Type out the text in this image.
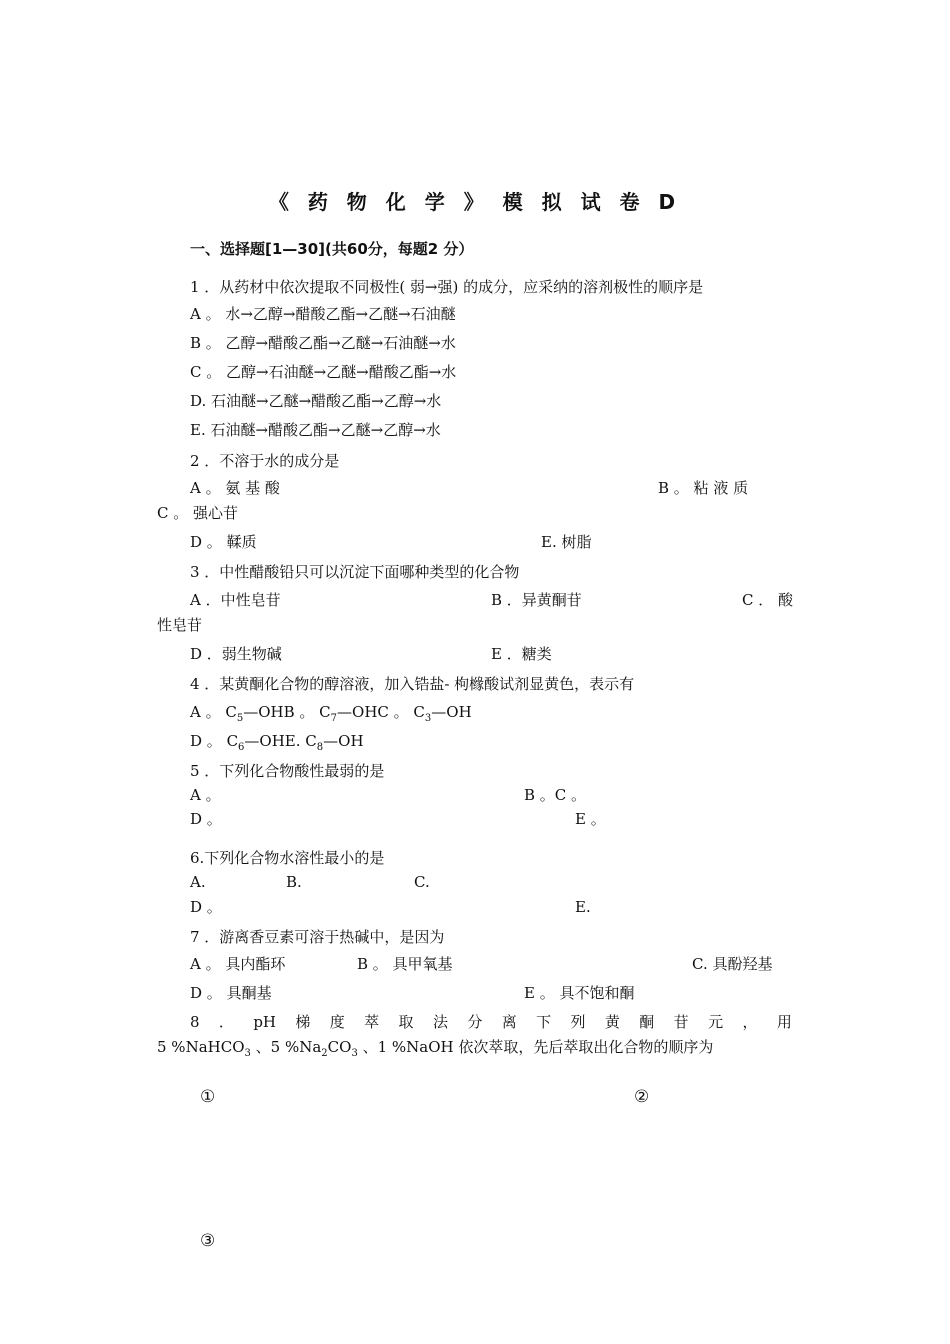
《 药 物 化 学 》 模 拟 试 卷 D
一、选择题[1—30](共60分，每题2 分）
1 ．从药材中依次提取不同极性( 弱→强) 的成分，应采纳的溶剂极性的顺序是
A 。 水→乙醇→醋酸乙酯→乙醚→石油醚
B 。 乙醇→醋酸乙酯→乙醚→石油醚→水
C 。 乙醇→石油醚→乙醚→醋酸乙酯→水
D. 石油醚→乙醚→醋酸乙酯→乙醇→水
E. 石油醚→醋酸乙酯→乙醚→乙醇→水
2 ．不溶于水的成分是
A 。 氨 基 酸	B 。 粘 液 质
C 。 强心苷
D 。 鞣质	E. 树脂
3 ．中性醋酸铅只可以沉淀下面哪种类型的化合物
A ．中性皂苷	B ．异黄酮苷	C ． 酸
性皂苷
D ．弱生物碱	E ．糖类
4 ．某黄酮化合物的醇溶液，加入锆盐- 枸橼酸试剂显黄色，表示有
A 。 $C_5—OHB$ 。 $C_7—OHC$ 。 $C_3—OH$
D 。 $C_6—OHE$. $C_8—OH$
5 ．下列化合物酸性最弱的是
A 。	B 。C 。
D 。	E 。
6.下列化合物水溶性最小的是
A.	B.	C.
D 。	E.
7 ．游离香豆素可溶于热碱中，是因为
A 。 具内酯环	B 。 具甲氧基	C. 具酚羟基
D 。 具酮基	E 。 具不饱和酮
8 ． pH 梯 度 萃 取 法 分 离 下 列 黄 酮 苷 元 ， 用
5 %NaHCO$_3$ 、5 $\%Na_2CO_3$ 、1 %NaOH 依次萃取，先后萃取出化合物的顺序为
①	②
③
